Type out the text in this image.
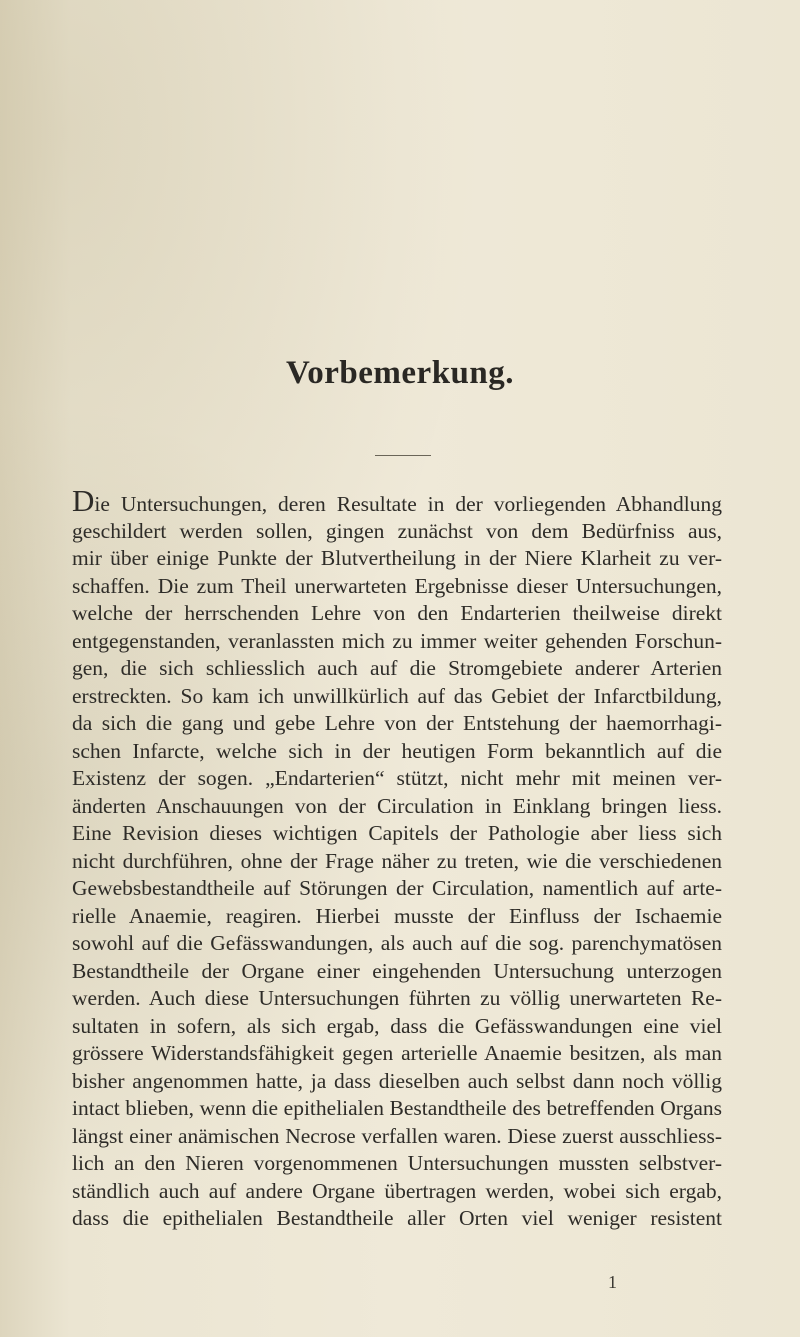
Vorbemerkung.
Die Untersuchungen, deren Resultate in der vorliegenden Abhandlung
geschildert werden sollen, gingen zunächst von dem Bedürfniss aus,
mir über einige Punkte der Blutvertheilung in der Niere Klarheit zu ver-
schaffen. Die zum Theil unerwarteten Ergebnisse dieser Untersuchungen,
welche der herrschenden Lehre von den Endarterien theilweise direkt
entgegenstanden, veranlassten mich zu immer weiter gehenden Forschun-
gen, die sich schliesslich auch auf die Stromgebiete anderer Arterien
erstreckten. So kam ich unwillkürlich auf das Gebiet der Infarctbildung,
da sich die gang und gebe Lehre von der Entstehung der haemorrhagi-
schen Infarcte, welche sich in der heutigen Form bekanntlich auf die
Existenz der sogen. „Endarterien“ stützt, nicht mehr mit meinen ver-
änderten Anschauungen von der Circulation in Einklang bringen liess.
Eine Revision dieses wichtigen Capitels der Pathologie aber liess sich
nicht durchführen, ohne der Frage näher zu treten, wie die verschiedenen
Gewebsbestandtheile auf Störungen der Circulation, namentlich auf arte-
rielle Anaemie, reagiren. Hierbei musste der Einfluss der Ischaemie
sowohl auf die Gefässwandungen, als auch auf die sog. parenchymatösen
Bestandtheile der Organe einer eingehenden Untersuchung unterzogen
werden. Auch diese Untersuchungen führten zu völlig unerwarteten Re-
sultaten in sofern, als sich ergab, dass die Gefässwandungen eine viel
grössere Widerstandsfähigkeit gegen arterielle Anaemie besitzen, als man
bisher angenommen hatte, ja dass dieselben auch selbst dann noch völlig
intact blieben, wenn die epithelialen Bestandtheile des betreffenden Organs
längst einer anämischen Necrose verfallen waren. Diese zuerst ausschliess-
lich an den Nieren vorgenommenen Untersuchungen mussten selbstver-
ständlich auch auf andere Organe übertragen werden, wobei sich ergab,
dass die epithelialen Bestandtheile aller Orten viel weniger resistent
1
